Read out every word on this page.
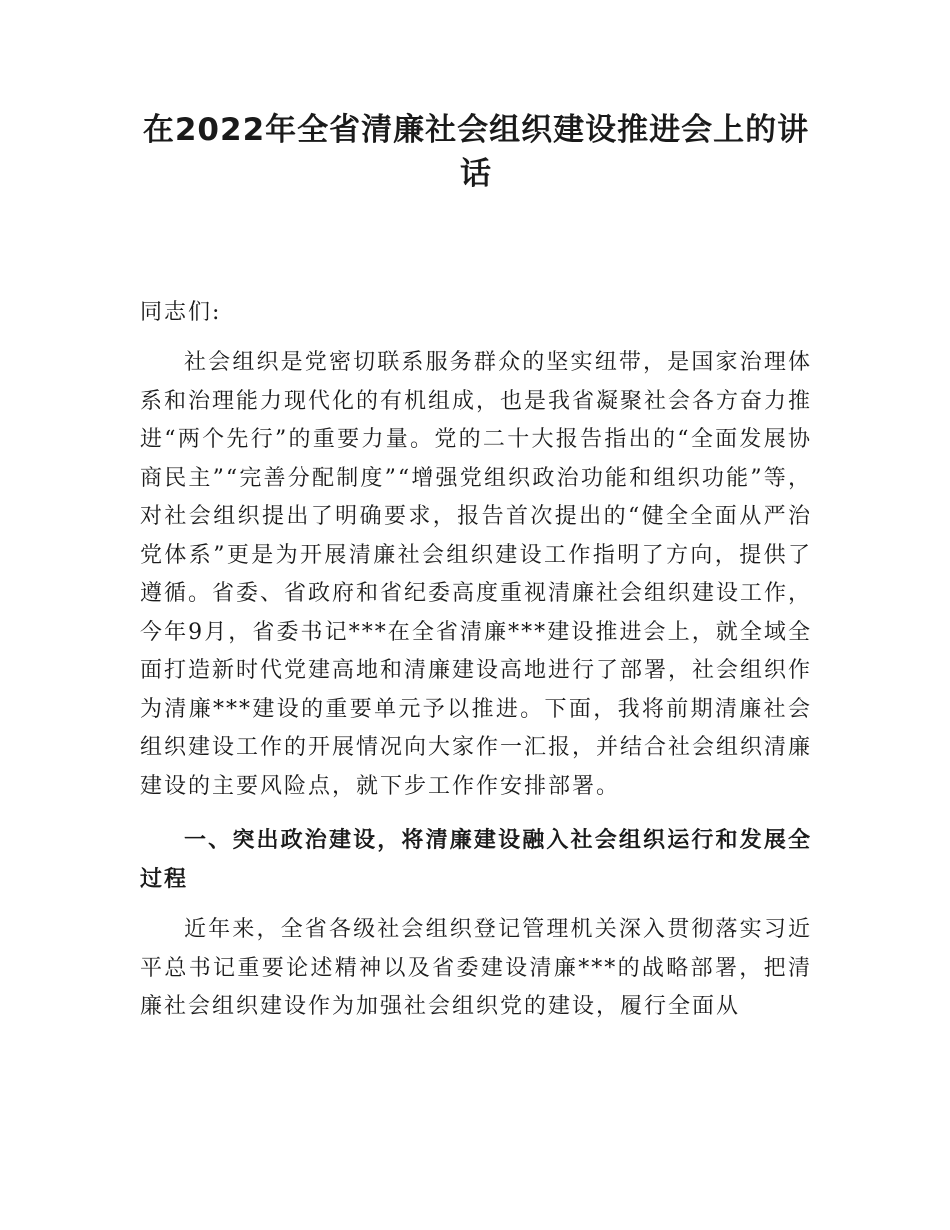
在2022年全省清廉社会组织建设推进会上的讲话
同志们:

社会组织是党密切联系服务群众的坚实纽带，是国家治理体系和治理能力现代化的有机组成，也是我省凝聚社会各方奋力推进“两个先行”的重要力量。党的二十大报告指出的“全面发展协商民主”“完善分配制度”“增强党组织政治功能和组织功能”等，对社会组织提出了明确要求，报告首次提出的“健全全面从严治党体系”更是为开展清廉社会组织建设工作指明了方向，提供了遵循。省委、省政府和省纪委高度重视清廉社会组织建设工作，今年9月，省委书记***在全省清廉***建设推进会上，就全域全面打造新时代党建高地和清廉建设高地进行了部署，社会组织作为清廉***建设的重要单元予以推进。下面，我将前期清廉社会组织建设工作的开展情况向大家作一汇报，并结合社会组织清廉建设的主要风险点，就下步工作作安排部署。

一、突出政治建设，将清廉建设融入社会组织运行和发展全过程

近年来，全省各级社会组织登记管理机关深入贯彻落实习近平总书记重要论述精神以及省委建设清廉***的战略部署，把清廉社会组织建设作为加强社会组织党的建设，履行全面从
